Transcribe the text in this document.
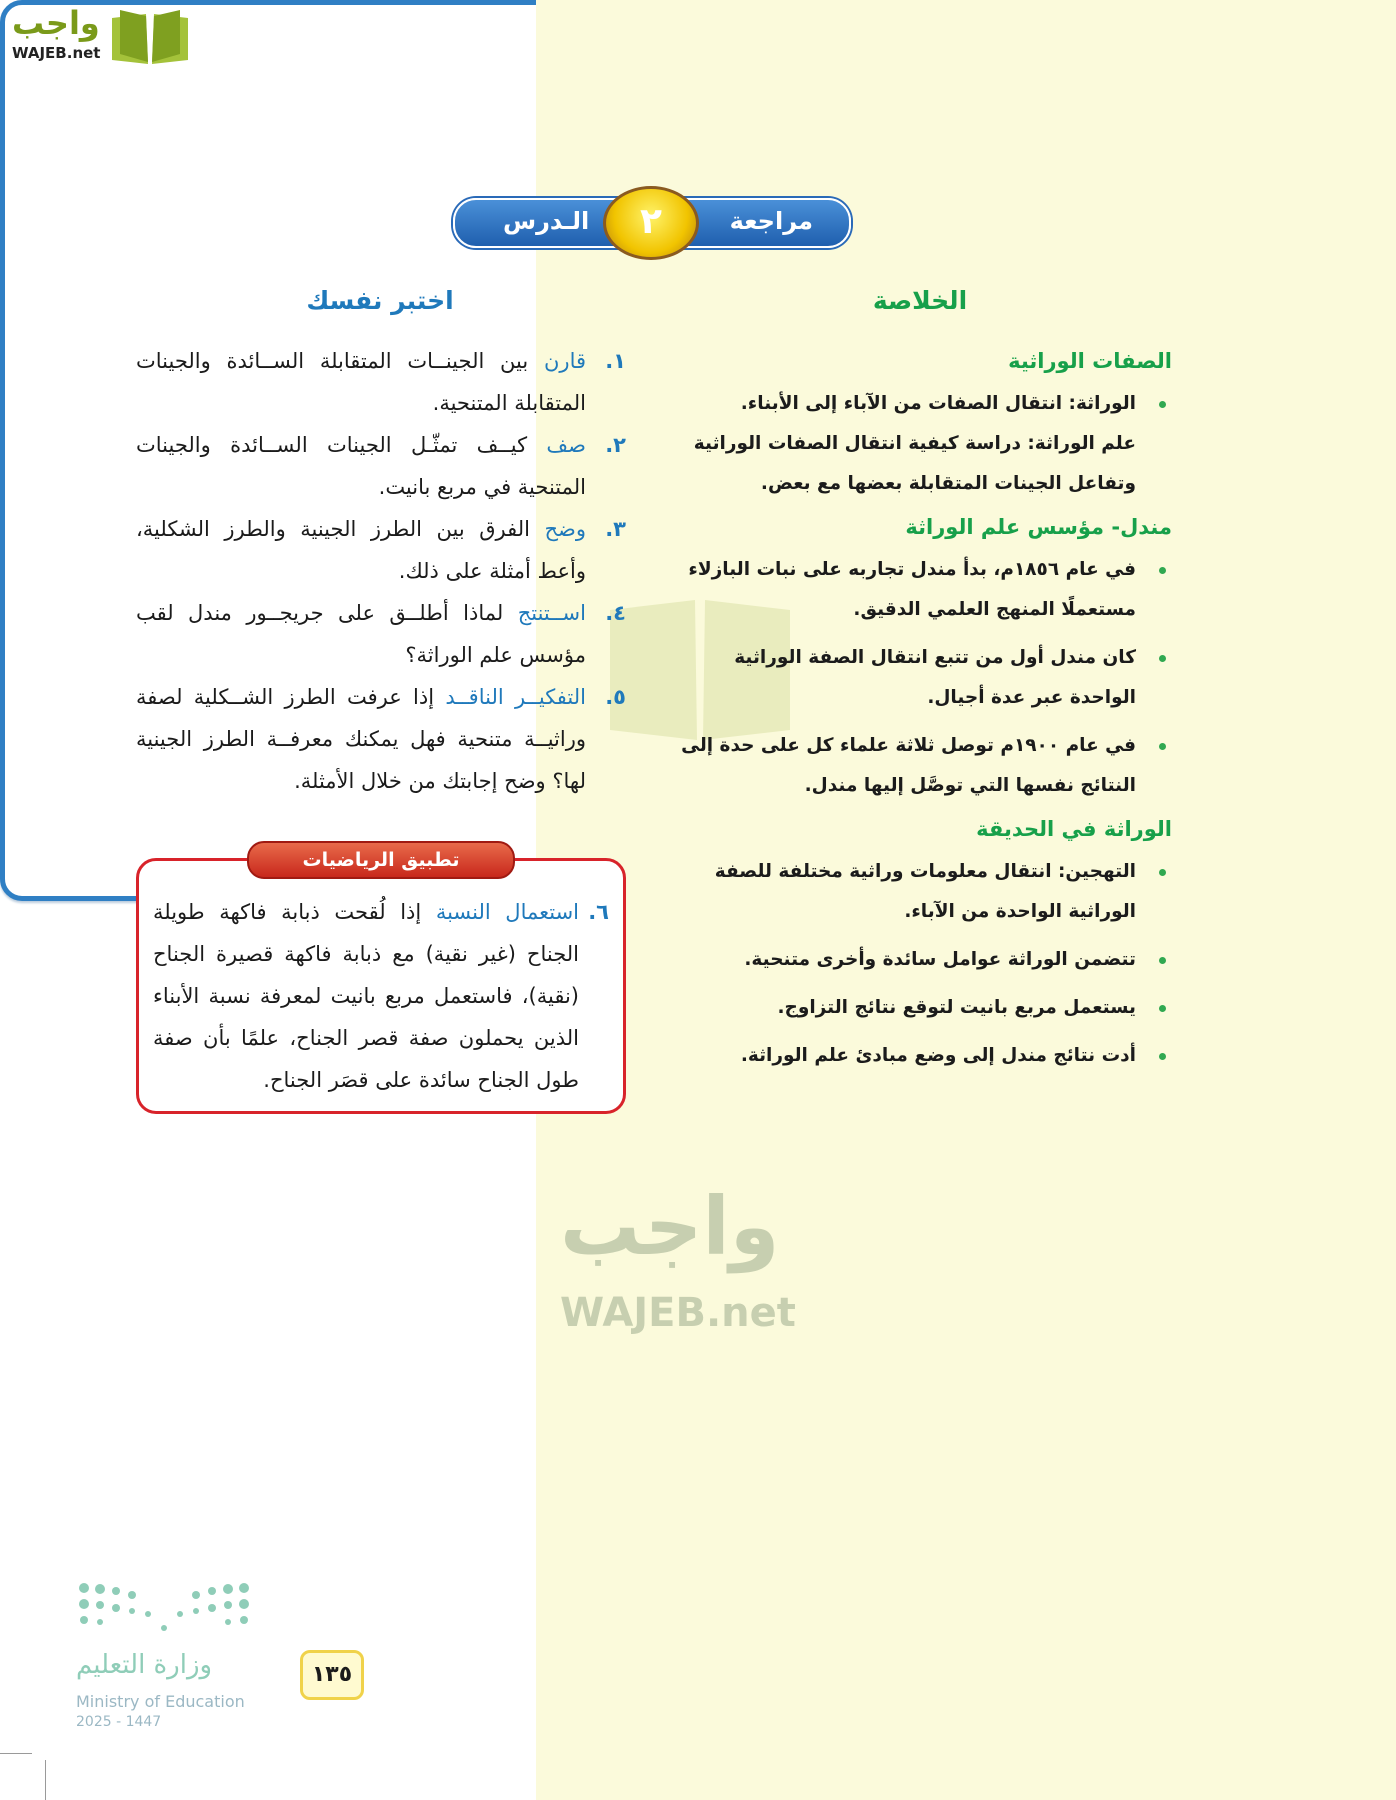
واجب
WAJEB.net
واجب
WAJEB.net
مراجعة
الـدرس	٢
الخلاصة
الصفات الوراثية
الوراثة: انتقال الصفات من الآباء إلى الأبناء.
علم الوراثة: دراسة كيفية انتقال الصفات الوراثية وتفاعل الجينات المتقابلة بعضها مع بعض.
مندل- مؤسس علم الوراثة
في عام ١٨٥٦م، بدأ مندل تجاربه على نبات البازلاء مستعملًا المنهج العلمي الدقيق.
كان مندل أول من تتبع انتقال الصفة الوراثية الواحدة عبر عدة أجيال.
في عام ١٩٠٠م توصل ثلاثة علماء كل على حدة إلى النتائج نفسها التي توصَّل إليها مندل.
الوراثة في الحديقة
التهجين: انتقال معلومات وراثية مختلفة للصفة الوراثية الواحدة من الآباء.
تتضمن الوراثة عوامل سائدة وأخرى متنحية.
يستعمل مربع بانيت لتوقع نتائج التزاوج.
أدت نتائج مندل إلى وضع مبادئ علم الوراثة.
اختبر نفسك
١.
قارن بين الجينــات المتقابلة الســائدة والجينات المتقابلة المتنحية.
٢.
صف كيــف تمثّـل الجينات الســائدة والجينات المتنحية في مربع بانيت.
٣.
وضح الفرق بين الطرز الجينية والطرز الشكلية، وأعط أمثلة على ذلك.
٤.
اســتنتج لماذا أطلــق على جريجــور مندل لقب مؤسس علم الوراثة؟
٥.
التفكيــر الناقــد إذا عرفت الطرز الشــكلية لصفة وراثيــة متنحية فهل يمكنك معرفــة الطرز الجينية لها؟ وضح إجابتك من خلال الأمثلة.
تطبيق الرياضيات
٦.
استعمال النسبة إذا لُقحت ذبابة فاكهة طويلة الجناح (غير نقية) مع ذبابة فاكهة قصيرة الجناح (نقية)، فاستعمل مربع بانيت لمعرفة نسبة الأبناء الذين يحملون صفة قصر الجناح، علمًا بأن صفة طول الجناح سائدة على قصَر الجناح.
وزارة التعليم
Ministry of Education
2025 - 1447
١٣٥
